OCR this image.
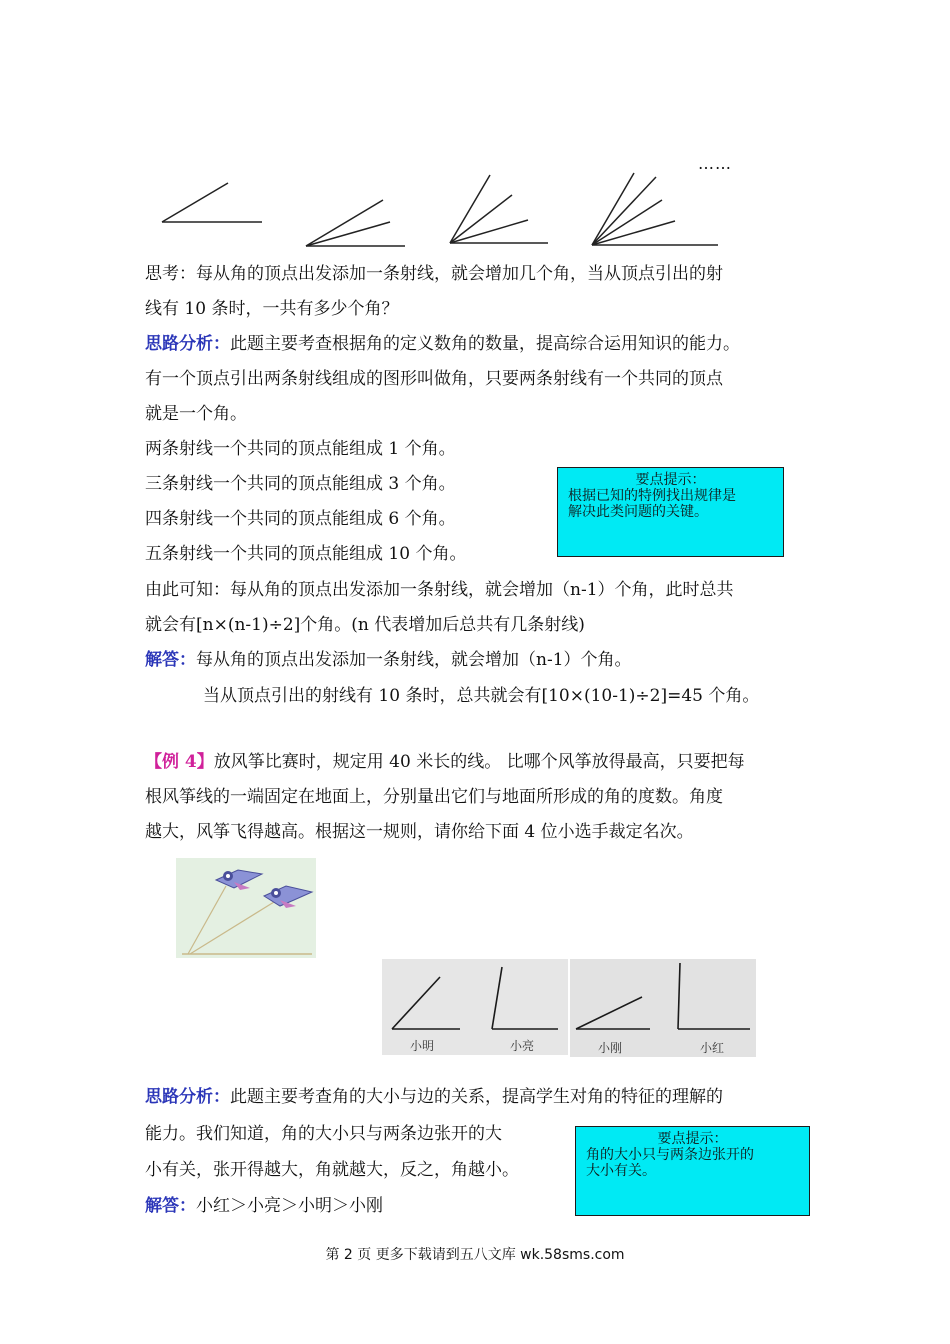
……
思考：每从角的顶点出发添加一条射线，就会增加几个角，当从顶点引出的射
线有 10 条时，一共有多少个角？
思路分析：此题主要考查根据角的定义数角的数量，提高综合运用知识的能力。
有一个顶点引出两条射线组成的图形叫做角，只要两条射线有一个共同的顶点
就是一个角。
两条射线一个共同的顶点能组成 1 个角。
三条射线一个共同的顶点能组成 3 个角。
四条射线一个共同的顶点能组成 6 个角。
五条射线一个共同的顶点能组成 10 个角。
由此可知：每从角的顶点出发添加一条射线，就会增加（n-1）个角，此时总共
就会有[n×(n-1)÷2]个角。(n 代表增加后总共有几条射线)
要点提示：
根据已知的特例找出规律是
解决此类问题的关键。
解答：每从角的顶点出发添加一条射线，就会增加（n-1）个角。
当从顶点引出的射线有 10 条时，总共就会有[10×(10-1)÷2]=45 个角。
【例 4】放风筝比赛时，规定用 40 米长的线。 比哪个风筝放得最高，只要把每
根风筝线的一端固定在地面上，分别量出它们与地面所形成的角的度数。角度
越大，风筝飞得越高。根据这一规则，请你给下面 4 位小选手裁定名次。
小明	小亮	小刚	小红
思路分析：此题主要考查角的大小与边的关系，提高学生对角的特征的理解的
能力。我们知道，角的大小只与两条边张开的大
小有关，张开得越大，角就越大，反之，角越小。
要点提示：
角的大小只与两条边张开的
大小有关。
解答：小红＞小亮＞小明＞小刚
第 2 页 更多下载请到五八文库 wk.58sms.com
